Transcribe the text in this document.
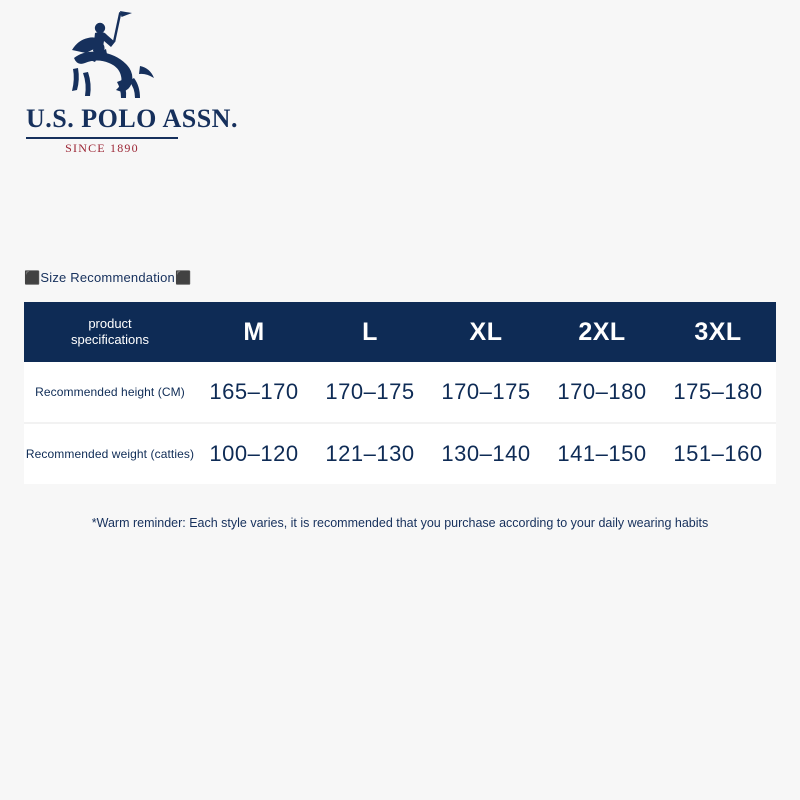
U.S. POLO ASSN.
SINCE 1890
⬛Size Recommendation⬛
product
specifications	M	L	XL	2XL	3XL
Recommended height (CM)	165–170	170–175	170–175	170–180	175–180
Recommended weight (catties)	100–120	121–130	130–140	141–150	151–160
*Warm reminder: Each style varies, it is recommended that you purchase according to your daily wearing habits
